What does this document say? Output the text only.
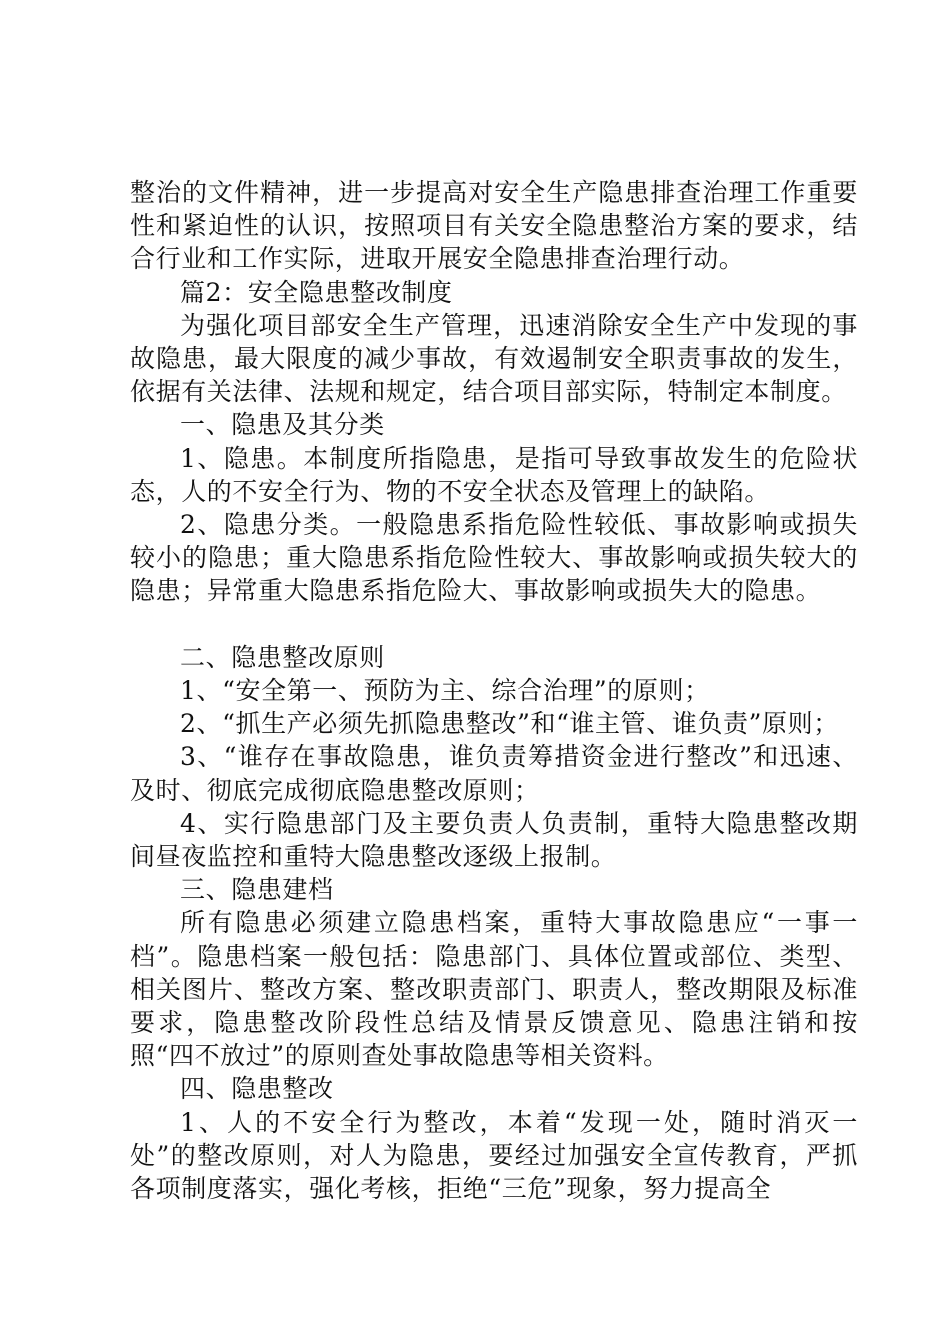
整治的文件精神，进一步提高对安全生产隐患排查治理工作重要性和紧迫性的认识，按照项目有关安全隐患整治方案的要求，结合行业和工作实际，进取开展安全隐患排查治理行动。

篇2：安全隐患整改制度

为强化项目部安全生产管理，迅速消除安全生产中发现的事故隐患，最大限度的减少事故，有效遏制安全职责事故的发生，依据有关法律、法规和规定，结合项目部实际，特制定本制度。

一、隐患及其分类

1、隐患。本制度所指隐患，是指可导致事故发生的危险状态，人的不安全行为、物的不安全状态及管理上的缺陷。

2、隐患分类。一般隐患系指危险性较低、事故影响或损失较小的隐患；重大隐患系指危险性较大、事故影响或损失较大的隐患；异常重大隐患系指危险大、事故影响或损失大的隐患。

二、隐患整改原则

1、“安全第一、预防为主、综合治理”的原则；

2、“抓生产必须先抓隐患整改”和“谁主管、谁负责”原则；

3、“谁存在事故隐患，谁负责筹措资金进行整改”和迅速、及时、彻底完成彻底隐患整改原则；

4、实行隐患部门及主要负责人负责制，重特大隐患整改期间昼夜监控和重特大隐患整改逐级上报制。

三、隐患建档

所有隐患必须建立隐患档案，重特大事故隐患应“一事一档”。隐患档案一般包括：隐患部门、具体位置或部位、类型、相关图片、整改方案、整改职责部门、职责人，整改期限及标准要求，隐患整改阶段性总结及情景反馈意见、隐患注销和按照“四不放过”的原则查处事故隐患等相关资料。

四、隐患整改

1、人的不安全行为整改，本着“发现一处，随时消灭一处”的整改原则，对人为隐患，要经过加强安全宣传教育，严抓各项制度落实，强化考核，拒绝“三危”现象，努力提高全
